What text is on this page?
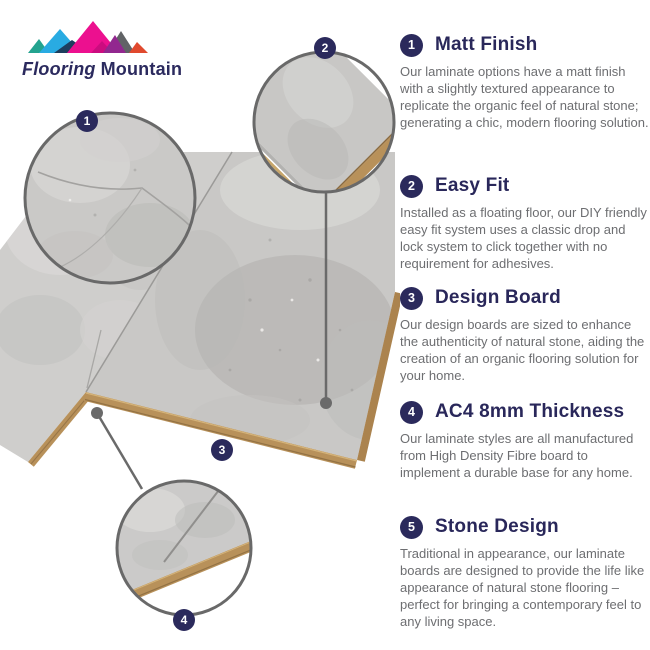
Flooring Mountain
1
2
3
4
1	Matt Finish
Our laminate options have a matt finish with a slightly textured appearance to replicate the organic feel of natural stone; generating a chic, modern flooring solution.
2	Easy Fit
Installed as a floating floor, our DIY friendly easy fit system uses a classic drop and lock system to click together with no requirement for adhesives.
3	Design Board
Our design boards are sized to enhance the authenticity of natural stone, aiding the creation of an organic flooring solution for your home.
4	AC4 8mm Thickness
Our laminate styles are all manufactured from High Density Fibre board to implement a durable base for any home.
5	Stone Design
Traditional in appearance, our laminate boards are designed to provide the life like appearance of natural stone flooring – perfect for bringing a contemporary feel to any living space.
